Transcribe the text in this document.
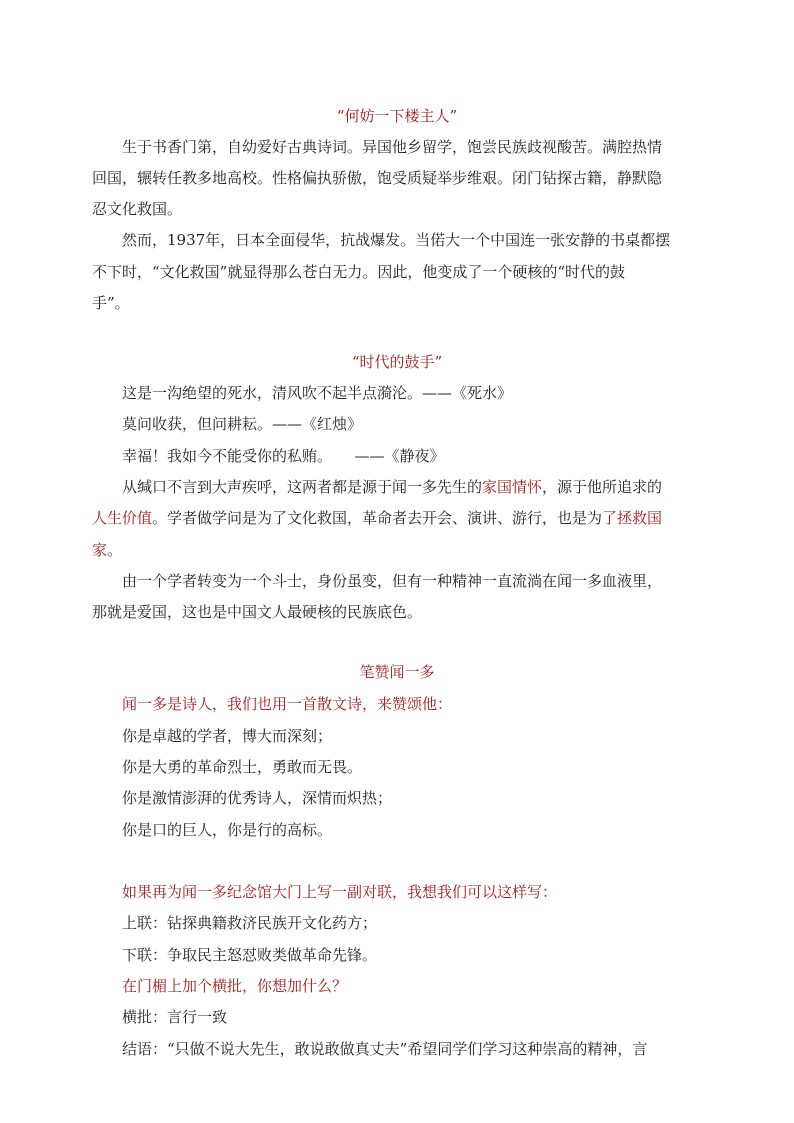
“何妨一下楼主人”
生于书香门第，自幼爱好古典诗词。异国他乡留学，饱尝民族歧视酸苦。满腔热情
回国，辗转任教多地高校。性格偏执骄傲，饱受质疑举步维艰。闭门钻探古籍，静默隐
忍文化救国。
然而，1937年，日本全面侵华，抗战爆发。当偌大一个中国连一张安静的书桌都摆
不下时，“文化救国”就显得那么苍白无力。因此，他变成了一个硬核的“时代的鼓
手”。
“时代的鼓手”
这是一沟绝望的死水，清风吹不起半点漪沦。——《死水》
莫问收获，但问耕耘。——《红烛》
幸福！我如今不能受你的私贿。　　——《静夜》
从缄口不言到大声疾呼，这两者都是源于闻一多先生的家国情怀，源于他所追求的
人生价值。学者做学问是为了文化救国，革命者去开会、演讲、游行，也是为了拯救国
家。
由一个学者转变为一个斗士，身份虽变，但有一种精神一直流淌在闻一多血液里，
那就是爱国，这也是中国文人最硬核的民族底色。
笔赞闻一多
闻一多是诗人，我们也用一首散文诗，来赞颂他：
你是卓越的学者，博大而深刻；
你是大勇的革命烈士，勇敢而无畏。
你是激情澎湃的优秀诗人，深情而炽热；
你是口的巨人，你是行的高标。
如果再为闻一多纪念馆大门上写一副对联，我想我们可以这样写：
上联：钻探典籍救济民族开文化药方；
下联：争取民主怒怼败类做革命先锋。
在门楣上加个横批，你想加什么？
横批：言行一致
结语：“只做不说大先生，敢说敢做真丈夫”希望同学们学习这种崇高的精神，言
